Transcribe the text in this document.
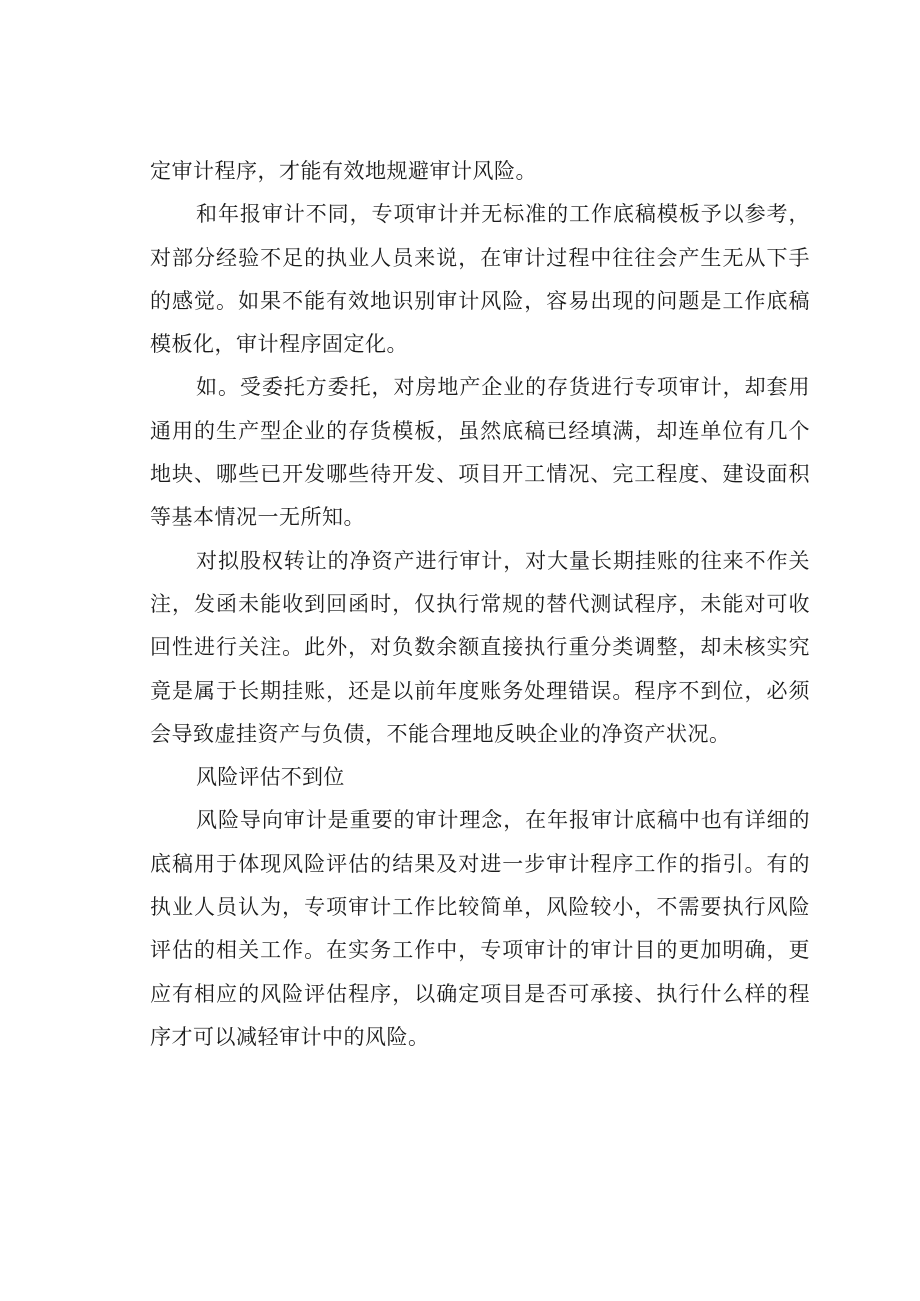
定审计程序，才能有效地规避审计风险。

和年报审计不同，专项审计并无标准的工作底稿模板予以参考，对部分经验不足的执业人员来说，在审计过程中往往会产生无从下手的感觉。如果不能有效地识别审计风险，容易出现的问题是工作底稿模板化，审计程序固定化。

如。受委托方委托，对房地产企业的存货进行专项审计，却套用通用的生产型企业的存货模板，虽然底稿已经填满，却连单位有几个地块、哪些已开发哪些待开发、项目开工情况、完工程度、建设面积等基本情况一无所知。

对拟股权转让的净资产进行审计，对大量长期挂账的往来不作关注，发函未能收到回函时，仅执行常规的替代测试程序，未能对可收回性进行关注。此外，对负数余额直接执行重分类调整，却未核实究竟是属于长期挂账，还是以前年度账务处理错误。程序不到位，必须会导致虚挂资产与负债，不能合理地反映企业的净资产状况。

风险评估不到位

风险导向审计是重要的审计理念，在年报审计底稿中也有详细的底稿用于体现风险评估的结果及对进一步审计程序工作的指引。有的执业人员认为，专项审计工作比较简单，风险较小，不需要执行风险评估的相关工作。在实务工作中，专项审计的审计目的更加明确，更应有相应的风险评估程序，以确定项目是否可承接、执行什么样的程序才可以减轻审计中的风险。
